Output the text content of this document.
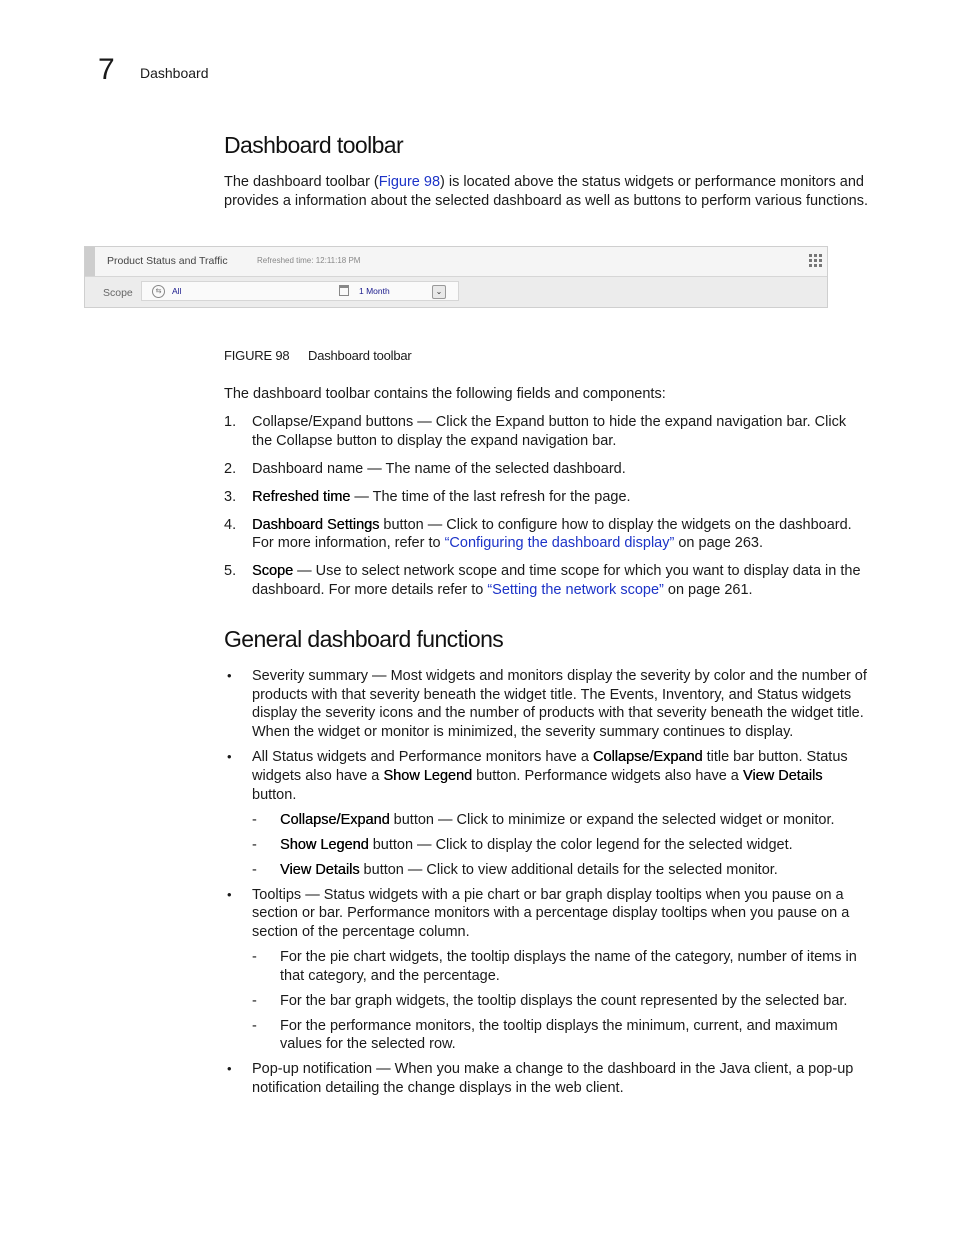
7 Dashboard
Dashboard toolbar

The dashboard toolbar (Figure 98) is located above the status widgets or performance monitors and provides a information about the selected dashboard as well as buttons to perform various functions.

Product Status and Traffic	Refreshed time: 12:11:18 PM
Scope	⇆	All	1 Month	⌄
FIGURE 98 Dashboard toolbar

The dashboard toolbar contains the following fields and components:

1. Collapse/Expand buttons — Click the Expand button to hide the expand navigation bar. Click the Collapse button to display the expand navigation bar.
2. Dashboard name — The name of the selected dashboard.
3. Refreshed time — The time of the last refresh for the page.
4. Dashboard Settings button — Click to configure how to display the widgets on the dashboard. For more information, refer to “Configuring the dashboard display” on page 263.
5. Scope — Use to select network scope and time scope for which you want to display data in the dashboard. For more details refer to “Setting the network scope” on page 261.
General dashboard functions
• Severity summary — Most widgets and monitors display the severity by color and the number of products with that severity beneath the widget title. The Events, Inventory, and Status widgets display the severity icons and the number of products with that severity beneath the widget title. When the widget or monitor is minimized, the severity summary continues to display.
• All Status widgets and Performance monitors have a Collapse/Expand title bar button. Status widgets also have a Show Legend button. Performance widgets also have a View Details button.
- Collapse/Expand button — Click to minimize or expand the selected widget or monitor.
- Show Legend button — Click to display the color legend for the selected widget.
- View Details button — Click to view additional details for the selected monitor.
• Tooltips — Status widgets with a pie chart or bar graph display tooltips when you pause on a section or bar. Performance monitors with a percentage display tooltips when you pause on a section of the percentage column.
- For the pie chart widgets, the tooltip displays the name of the category, number of items in that category, and the percentage.
- For the bar graph widgets, the tooltip displays the count represented by the selected bar.
- For the performance monitors, the tooltip displays the minimum, current, and maximum values for the selected row.
• Pop-up notification — When you make a change to the dashboard in the Java client, a pop-up notification detailing the change displays in the web client.
